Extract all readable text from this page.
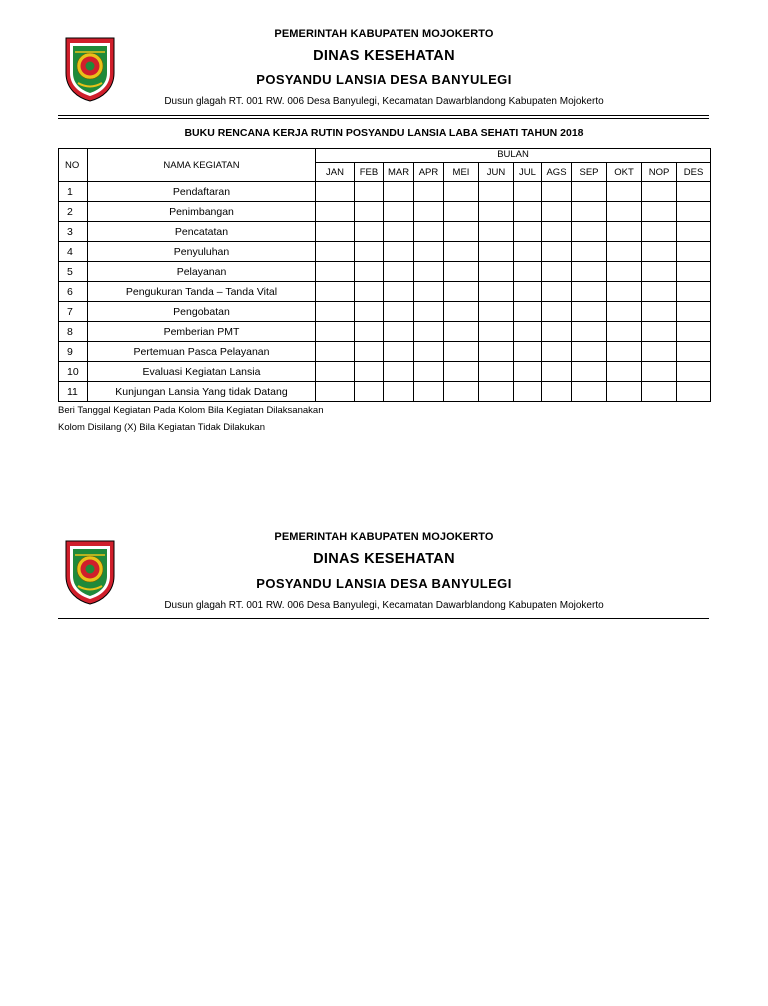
PEMERINTAH KABUPATEN MOJOKERTO
DINAS KESEHATAN
POSYANDU LANSIA DESA BANYULEGI
Dusun glagah RT. 001 RW. 006 Desa Banyulegi, Kecamatan Dawarblandong Kabupaten Mojokerto
BUKU RENCANA KERJA RUTIN POSYANDU LANSIA LABA SEHATI TAHUN 2018
NO	NAMA KEGIATAN	BULAN											
		JAN	FEB	MAR	APR	MEI	JUN	JUL	AGS	SEP	OKT	NOP	DES
1	Pendaftaran												
2	Penimbangan												
3	Pencatatan												
4	Penyuluhan												
5	Pelayanan												
6	Pengukuran Tanda – Tanda Vital												
7	Pengobatan												
8	Pemberian PMT												
9	Pertemuan Pasca Pelayanan												
10	Evaluasi Kegiatan Lansia												
11	Kunjungan Lansia Yang tidak Datang												
Beri Tanggal Kegiatan Pada Kolom Bila Kegiatan Dilaksanakan
Kolom Disilang (X) Bila Kegiatan Tidak Dilakukan
PEMERINTAH KABUPATEN MOJOKERTO
DINAS KESEHATAN
POSYANDU LANSIA DESA BANYULEGI
Dusun glagah RT. 001 RW. 006 Desa Banyulegi, Kecamatan Dawarblandong Kabupaten Mojokerto
